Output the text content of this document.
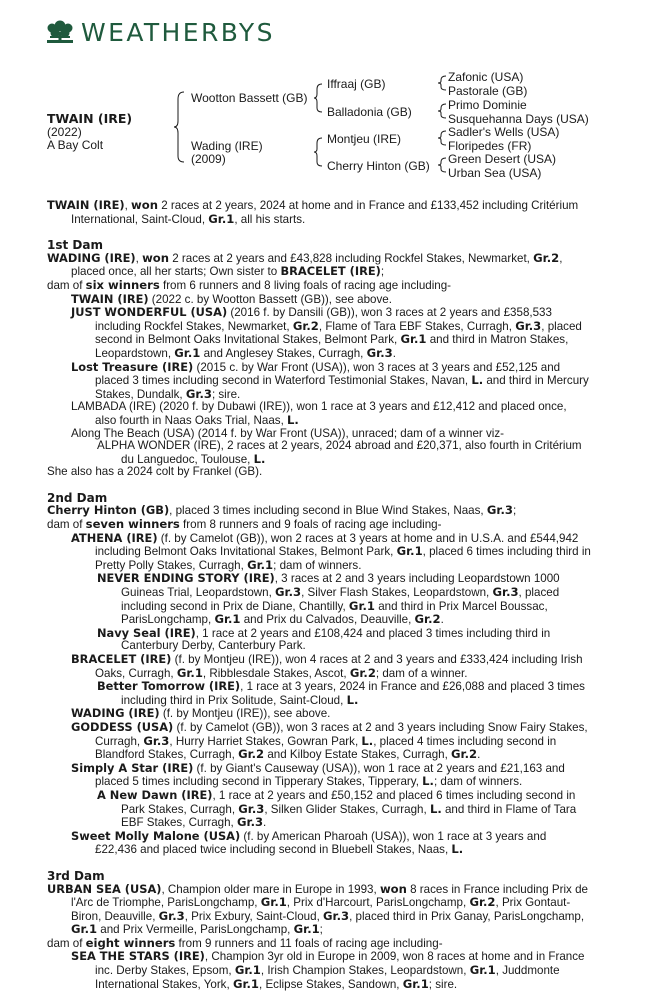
WEATHERBYS
TWAIN (IRE)
(2022)
A Bay Colt
Wootton Bassett (GB)
Wading (IRE)
(2009)
Iffraaj (GB)
Balladonia (GB)
Montjeu (IRE)
Cherry Hinton (GB)
Zafonic (USA)
Pastorale (GB)
Primo Dominie
Susquehanna Days (USA)
Sadler's Wells (USA)
Floripedes (FR)
Green Desert (USA)
Urban Sea (USA)

TWAIN (IRE), won 2 races at 2 years, 2024 at home and in France and £133,452 including Critérium International, Saint-Cloud, Gr.1, all his starts.

1st Dam

WADING (IRE), won 2 races at 2 years and £43,828 including Rockfel Stakes, Newmarket, Gr.2, placed once, all her starts; Own sister to BRACELET (IRE);

dam of six winners from 6 runners and 8 living foals of racing age including-

TWAIN (IRE) (2022 c. by Wootton Bassett (GB)), see above.

JUST WONDERFUL (USA) (2016 f. by Dansili (GB)), won 3 races at 2 years and £358,533 including Rockfel Stakes, Newmarket, Gr.2, Flame of Tara EBF Stakes, Curragh, Gr.3, placed second in Belmont Oaks Invitational Stakes, Belmont Park, Gr.1 and third in Matron Stakes, Leopardstown, Gr.1 and Anglesey Stakes, Curragh, Gr.3.

Lost Treasure (IRE) (2015 c. by War Front (USA)), won 3 races at 3 years and £52,125 and placed 3 times including second in Waterford Testimonial Stakes, Navan, L. and third in Mercury Stakes, Dundalk, Gr.3; sire.

LAMBADA (IRE) (2020 f. by Dubawi (IRE)), won 1 race at 3 years and £12,412 and placed once, also fourth in Naas Oaks Trial, Naas, L.

Along The Beach (USA) (2014 f. by War Front (USA)), unraced; dam of a winner viz-

ALPHA WONDER (IRE), 2 races at 2 years, 2024 abroad and £20,371, also fourth in Critérium du Languedoc, Toulouse, L.

She also has a 2024 colt by Frankel (GB).

2nd Dam

Cherry Hinton (GB), placed 3 times including second in Blue Wind Stakes, Naas, Gr.3;

dam of seven winners from 8 runners and 9 foals of racing age including-

ATHENA (IRE) (f. by Camelot (GB)), won 2 races at 3 years at home and in U.S.A. and £544,942 including Belmont Oaks Invitational Stakes, Belmont Park, Gr.1, placed 6 times including third in Pretty Polly Stakes, Curragh, Gr.1; dam of winners.

NEVER ENDING STORY (IRE), 3 races at 2 and 3 years including Leopardstown 1000 Guineas Trial, Leopardstown, Gr.3, Silver Flash Stakes, Leopardstown, Gr.3, placed including second in Prix de Diane, Chantilly, Gr.1 and third in Prix Marcel Boussac, ParisLongchamp, Gr.1 and Prix du Calvados, Deauville, Gr.2.

Navy Seal (IRE), 1 race at 2 years and £108,424 and placed 3 times including third in Canterbury Derby, Canterbury Park.

BRACELET (IRE) (f. by Montjeu (IRE)), won 4 races at 2 and 3 years and £333,424 including Irish Oaks, Curragh, Gr.1, Ribblesdale Stakes, Ascot, Gr.2; dam of a winner.

Better Tomorrow (IRE), 1 race at 3 years, 2024 in France and £26,088 and placed 3 times including third in Prix Solitude, Saint-Cloud, L.

WADING (IRE) (f. by Montjeu (IRE)), see above.

GODDESS (USA) (f. by Camelot (GB)), won 3 races at 2 and 3 years including Snow Fairy Stakes, Curragh, Gr.3, Hurry Harriet Stakes, Gowran Park, L., placed 4 times including second in Blandford Stakes, Curragh, Gr.2 and Kilboy Estate Stakes, Curragh, Gr.2.

Simply A Star (IRE) (f. by Giant's Causeway (USA)), won 1 race at 2 years and £21,163 and placed 5 times including second in Tipperary Stakes, Tipperary, L.; dam of winners.

A New Dawn (IRE), 1 race at 2 years and £50,152 and placed 6 times including second in Park Stakes, Curragh, Gr.3, Silken Glider Stakes, Curragh, L. and third in Flame of Tara EBF Stakes, Curragh, Gr.3.

Sweet Molly Malone (USA) (f. by American Pharoah (USA)), won 1 race at 3 years and £22,436 and placed twice including second in Bluebell Stakes, Naas, L.

3rd Dam

URBAN SEA (USA), Champion older mare in Europe in 1993, won 8 races in France including Prix de l'Arc de Triomphe, ParisLongchamp, Gr.1, Prix d'Harcourt, ParisLongchamp, Gr.2, Prix Gontaut-Biron, Deauville, Gr.3, Prix Exbury, Saint-Cloud, Gr.3, placed third in Prix Ganay, ParisLongchamp, Gr.1 and Prix Vermeille, ParisLongchamp, Gr.1;

dam of eight winners from 9 runners and 11 foals of racing age including-

SEA THE STARS (IRE), Champion 3yr old in Europe in 2009, won 8 races at home and in France inc. Derby Stakes, Epsom, Gr.1, Irish Champion Stakes, Leopardstown, Gr.1, Juddmonte International Stakes, York, Gr.1, Eclipse Stakes, Sandown, Gr.1; sire.
